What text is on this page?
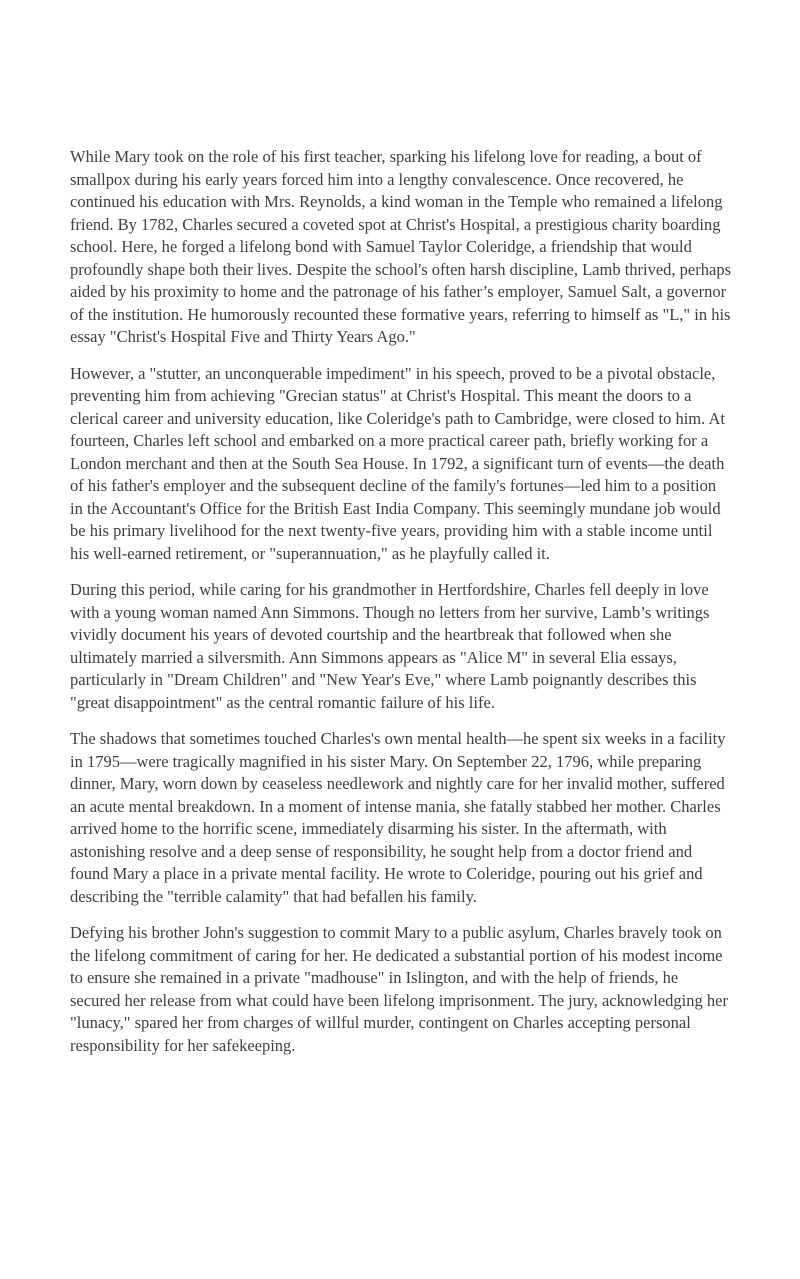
While Mary took on the role of his first teacher, sparking his lifelong love for reading, a bout of smallpox during his early years forced him into a lengthy convalescence. Once recovered, he continued his education with Mrs. Reynolds, a kind woman in the Temple who remained a lifelong friend. By 1782, Charles secured a coveted spot at Christ's Hospital, a prestigious charity boarding school. Here, he forged a lifelong bond with Samuel Taylor Coleridge, a friendship that would profoundly shape both their lives. Despite the school's often harsh discipline, Lamb thrived, perhaps aided by his proximity to home and the patronage of his father’s employer, Samuel Salt, a governor of the institution. He humorously recounted these formative years, referring to himself as "L," in his essay "Christ's Hospital Five and Thirty Years Ago."

However, a "stutter, an unconquerable impediment" in his speech, proved to be a pivotal obstacle, preventing him from achieving "Grecian status" at Christ's Hospital. This meant the doors to a clerical career and university education, like Coleridge's path to Cambridge, were closed to him. At fourteen, Charles left school and embarked on a more practical career path, briefly working for a London merchant and then at the South Sea House. In 1792, a significant turn of events—the death of his father's employer and the subsequent decline of the family's fortunes—led him to a position in the Accountant's Office for the British East India Company. This seemingly mundane job would be his primary livelihood for the next twenty-five years, providing him with a stable income until his well-earned retirement, or "superannuation," as he playfully called it.

During this period, while caring for his grandmother in Hertfordshire, Charles fell deeply in love with a young woman named Ann Simmons. Though no letters from her survive, Lamb’s writings vividly document his years of devoted courtship and the heartbreak that followed when she ultimately married a silversmith. Ann Simmons appears as "Alice M" in several Elia essays, particularly in "Dream Children" and "New Year's Eve," where Lamb poignantly describes this "great disappointment" as the central romantic failure of his life.

The shadows that sometimes touched Charles's own mental health—he spent six weeks in a facility in 1795—were tragically magnified in his sister Mary. On September 22, 1796, while preparing dinner, Mary, worn down by ceaseless needlework and nightly care for her invalid mother, suffered an acute mental breakdown. In a moment of intense mania, she fatally stabbed her mother. Charles arrived home to the horrific scene, immediately disarming his sister. In the aftermath, with astonishing resolve and a deep sense of responsibility, he sought help from a doctor friend and found Mary a place in a private mental facility. He wrote to Coleridge, pouring out his grief and describing the "terrible calamity" that had befallen his family.

Defying his brother John's suggestion to commit Mary to a public asylum, Charles bravely took on the lifelong commitment of caring for her. He dedicated a substantial portion of his modest income to ensure she remained in a private "madhouse" in Islington, and with the help of friends, he secured her release from what could have been lifelong imprisonment. The jury, acknowledging her "lunacy," spared her from charges of willful murder, contingent on Charles accepting personal responsibility for her safekeeping.
